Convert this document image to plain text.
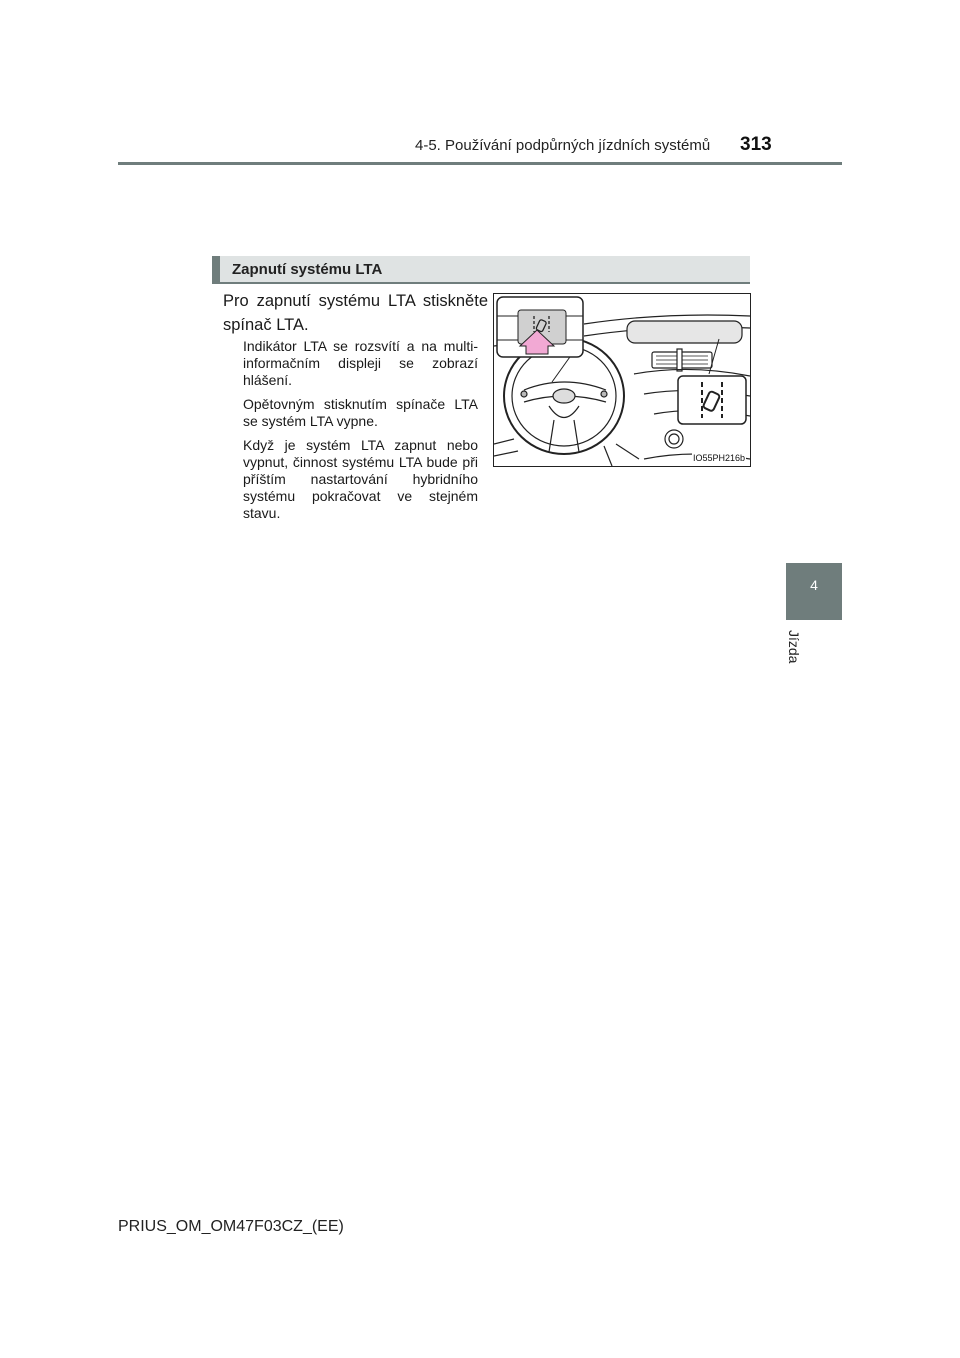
4-5. Používání podpůrných jízdních systémů 313
4
Jízda
Zapnutí systému LTA
Pro zapnutí systému LTA stiskněte spínač LTA.
Indikátor LTA se rozsvítí a na multi-informačním displeji se zobrazí hlášení.
Opětovným stisknutím spínače LTA se systém LTA vypne.
Když je systém LTA zapnut nebo vypnut, činnost systému LTA bude při příštím nastartování hybridního systému pokračovat ve stejném stavu.
IO55PH216b
PRIUS_OM_OM47F03CZ_(EE)
